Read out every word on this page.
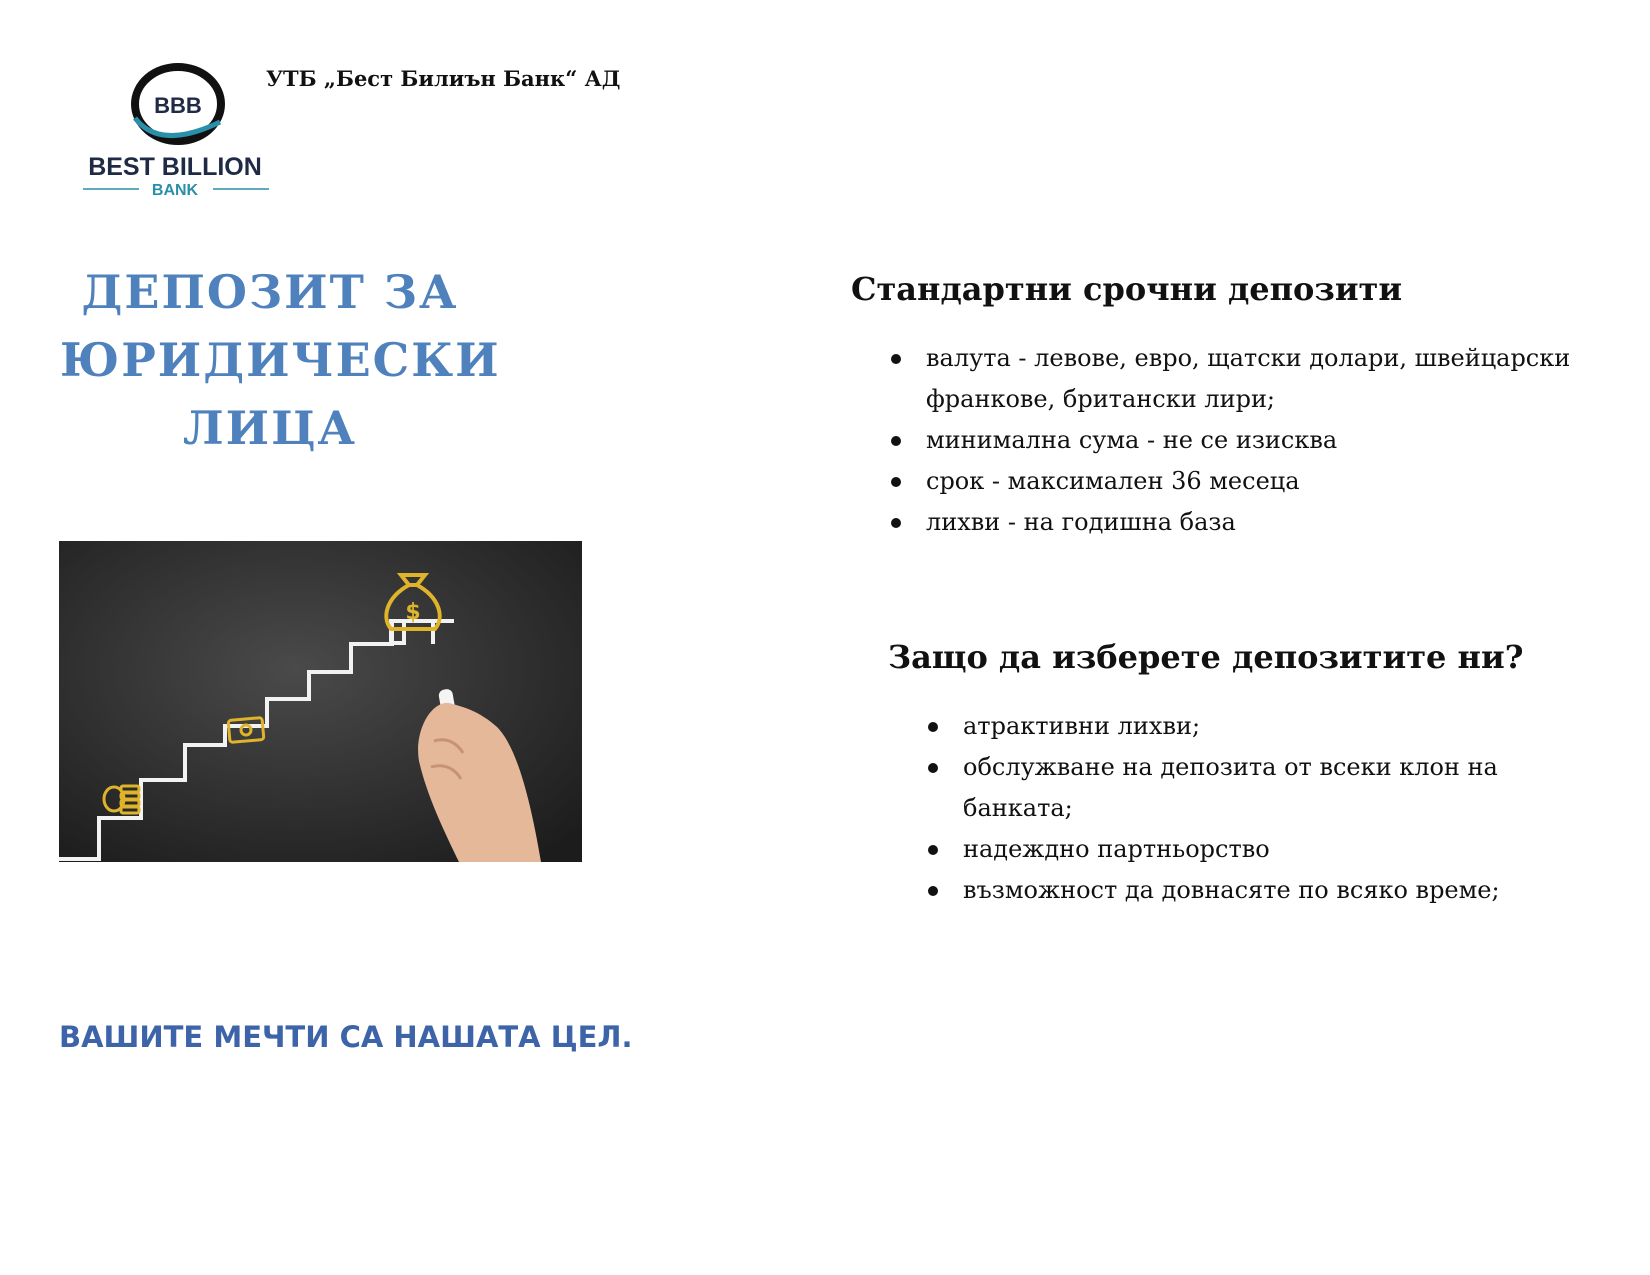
BBB
BEST BILLION
BANK
УТБ „Бест Билиън Банк“ АД
ДЕПОЗИТ ЗА
ЮРИДИЧЕСКИ
ЛИЦА
$
ВАШИТЕ МЕЧТИ СА НАШАТА ЦЕЛ.
Стандартни срочни депозити
валута - левове, евро, щатски долари, швейцарски франкове, британски лири;
минимална сума - не се изисква
срок - максимален 36 месеца
лихви - на годишна база
Защо да изберете депозитите ни?
атрактивни лихви;
обслужване на депозита от всеки клон на банката;
надеждно партньорство
възможност да довнасяте по всяко време;
